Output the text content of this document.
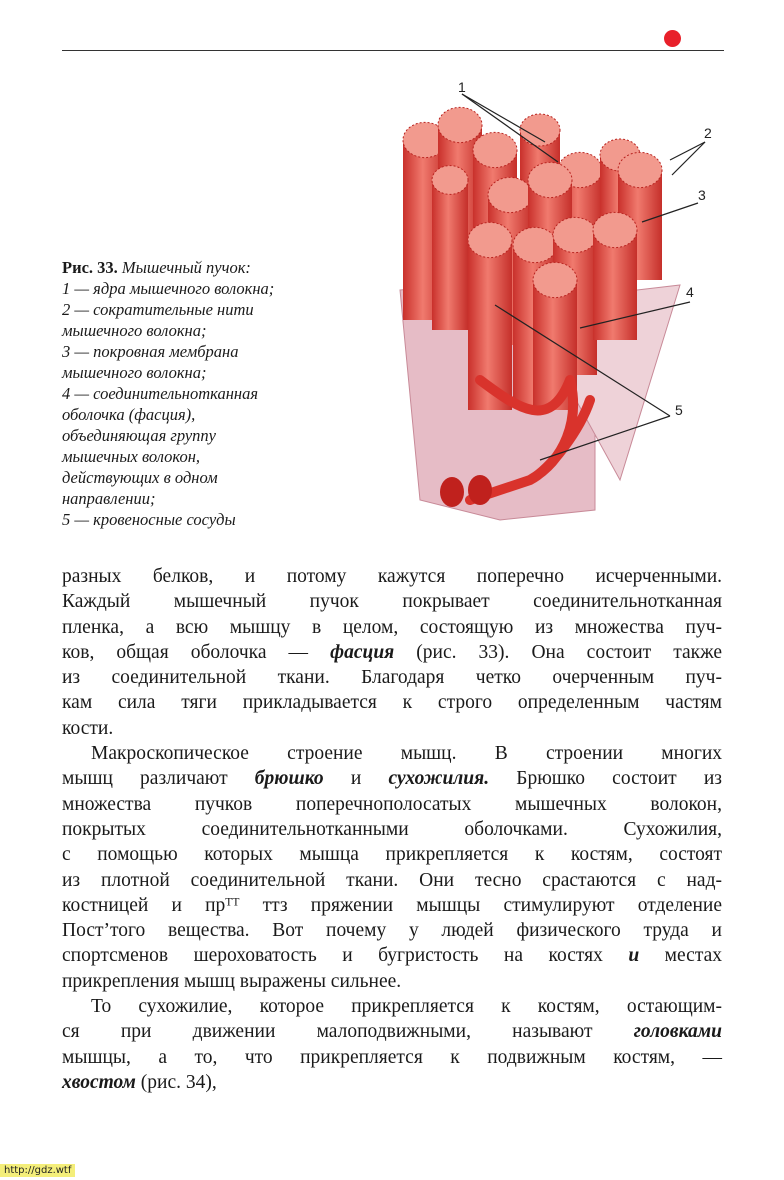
1
2
3
4
5
Рис. 33. Мышечный пучок:
1 — ядра мышечного волокна;
2 — сократительные нити
мышечного волокна;
3 — покровная мембрана
мышечного волокна;
4 — соединительнотканная
оболочка (фасция),
объединяющая группу
мышечных волокон,
действующих в одном
направлении;
5 — кровеносные сосуды
разных белков, и потому кажутся поперечно исчерченными.
Каждый мышечный пучок покрывает соединительнотканная
пленка, а всю мышцу в целом, состоящую из множества пуч-
ков, общая оболочка — фасция (рис. 33). Она состоит также
из соединительной ткани. Благодаря четко очерченным пуч-
кам сила тяги прикладывается к строго определенным частям
кости.
Макроскопическое строение мышц. В строении многих
мышц различают брюшко и сухожилия. Брюшко состоит из
множества пучков поперечнополосатых мышечных волокон,
покрытых соединительнотканными оболочками. Сухожилия,
с помощью которых мышца прикрепляется к костям, состоят
из плотной соединительной ткани. Они тесно срастаются с над-
костницей и прᵀᵀ ттз пряжении мышцы стимулируют отделение
Пост’того вещества. Вот почему у людей физического труда и
спортсменов шероховатость и бугристость на костях и местах
прикрепления мышц выражены сильнее.
То сухожилие, которое прикрепляется к костям, остающим-
ся при движении малоподвижными, называют головками
мышцы, а то, что прикрепляется к подвижным костям, —
хвостом (рис. 34),
http://gdz.wtf
